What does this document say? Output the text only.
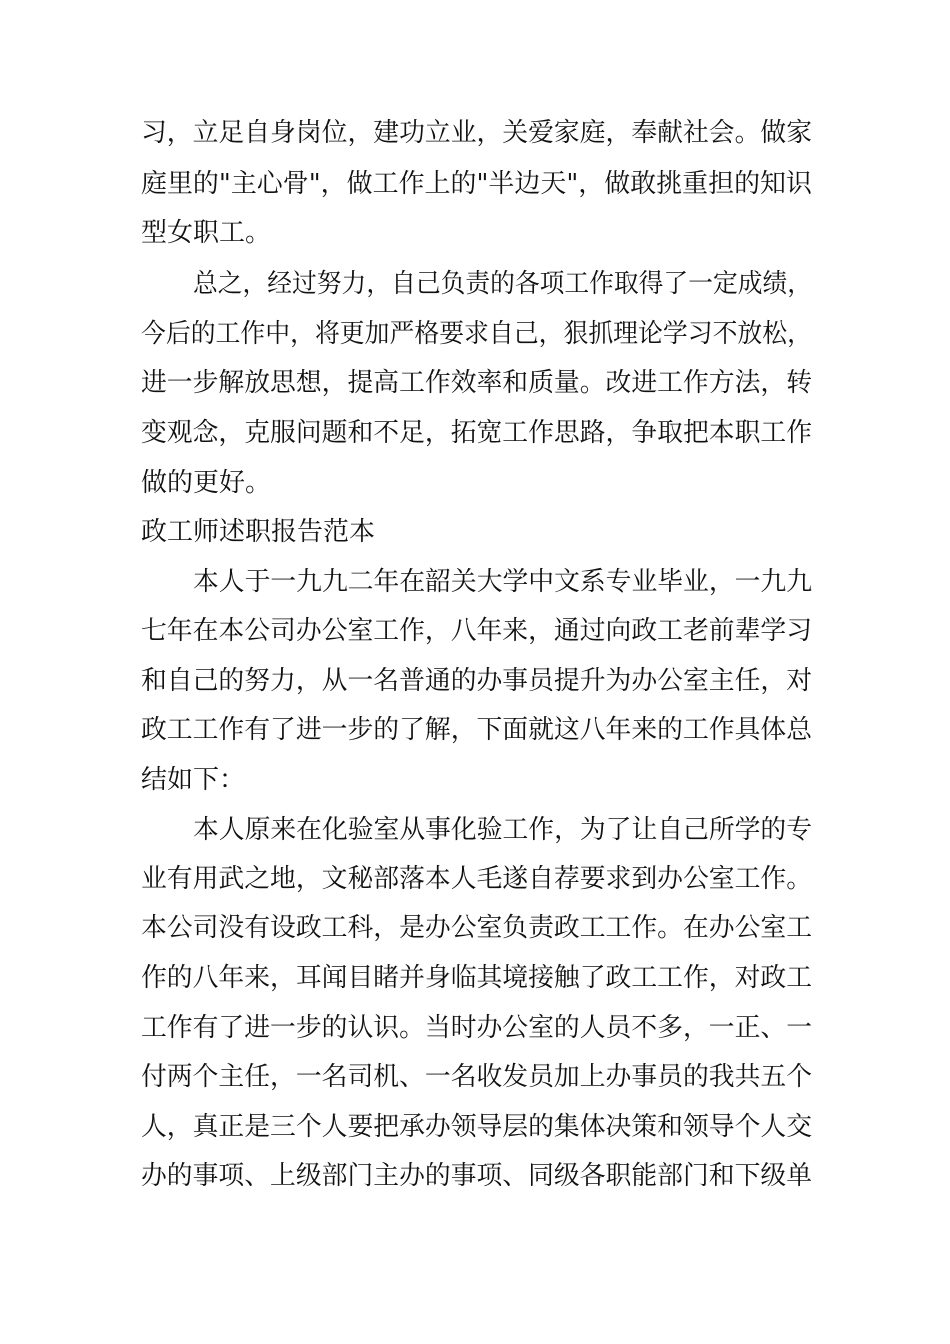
习，立足自身岗位，建功立业，关爱家庭，奉献社会。做家
庭里的"主心骨"，做工作上的"半边天"，做敢挑重担的知识
型女职工。
总之，经过努力，自己负责的各项工作取得了一定成绩，
今后的工作中，将更加严格要求自己，狠抓理论学习不放松，
进一步解放思想，提高工作效率和质量。改进工作方法，转
变观念，克服问题和不足，拓宽工作思路，争取把本职工作
做的更好。
政工师述职报告范本
本人于一九九二年在韶关大学中文系专业毕业，一九九
七年在本公司办公室工作，八年来，通过向政工老前辈学习
和自己的努力，从一名普通的办事员提升为办公室主任，对
政工工作有了进一步的了解，下面就这八年来的工作具体总
结如下：
本人原来在化验室从事化验工作，为了让自己所学的专
业有用武之地，文秘部落本人毛遂自荐要求到办公室工作。
本公司没有设政工科，是办公室负责政工工作。在办公室工
作的八年来，耳闻目睹并身临其境接触了政工工作，对政工
工作有了进一步的认识。当时办公室的人员不多，一正、一
付两个主任，一名司机、一名收发员加上办事员的我共五个
人，真正是三个人要把承办领导层的集体决策和领导个人交
办的事项、上级部门主办的事项、同级各职能部门和下级单
